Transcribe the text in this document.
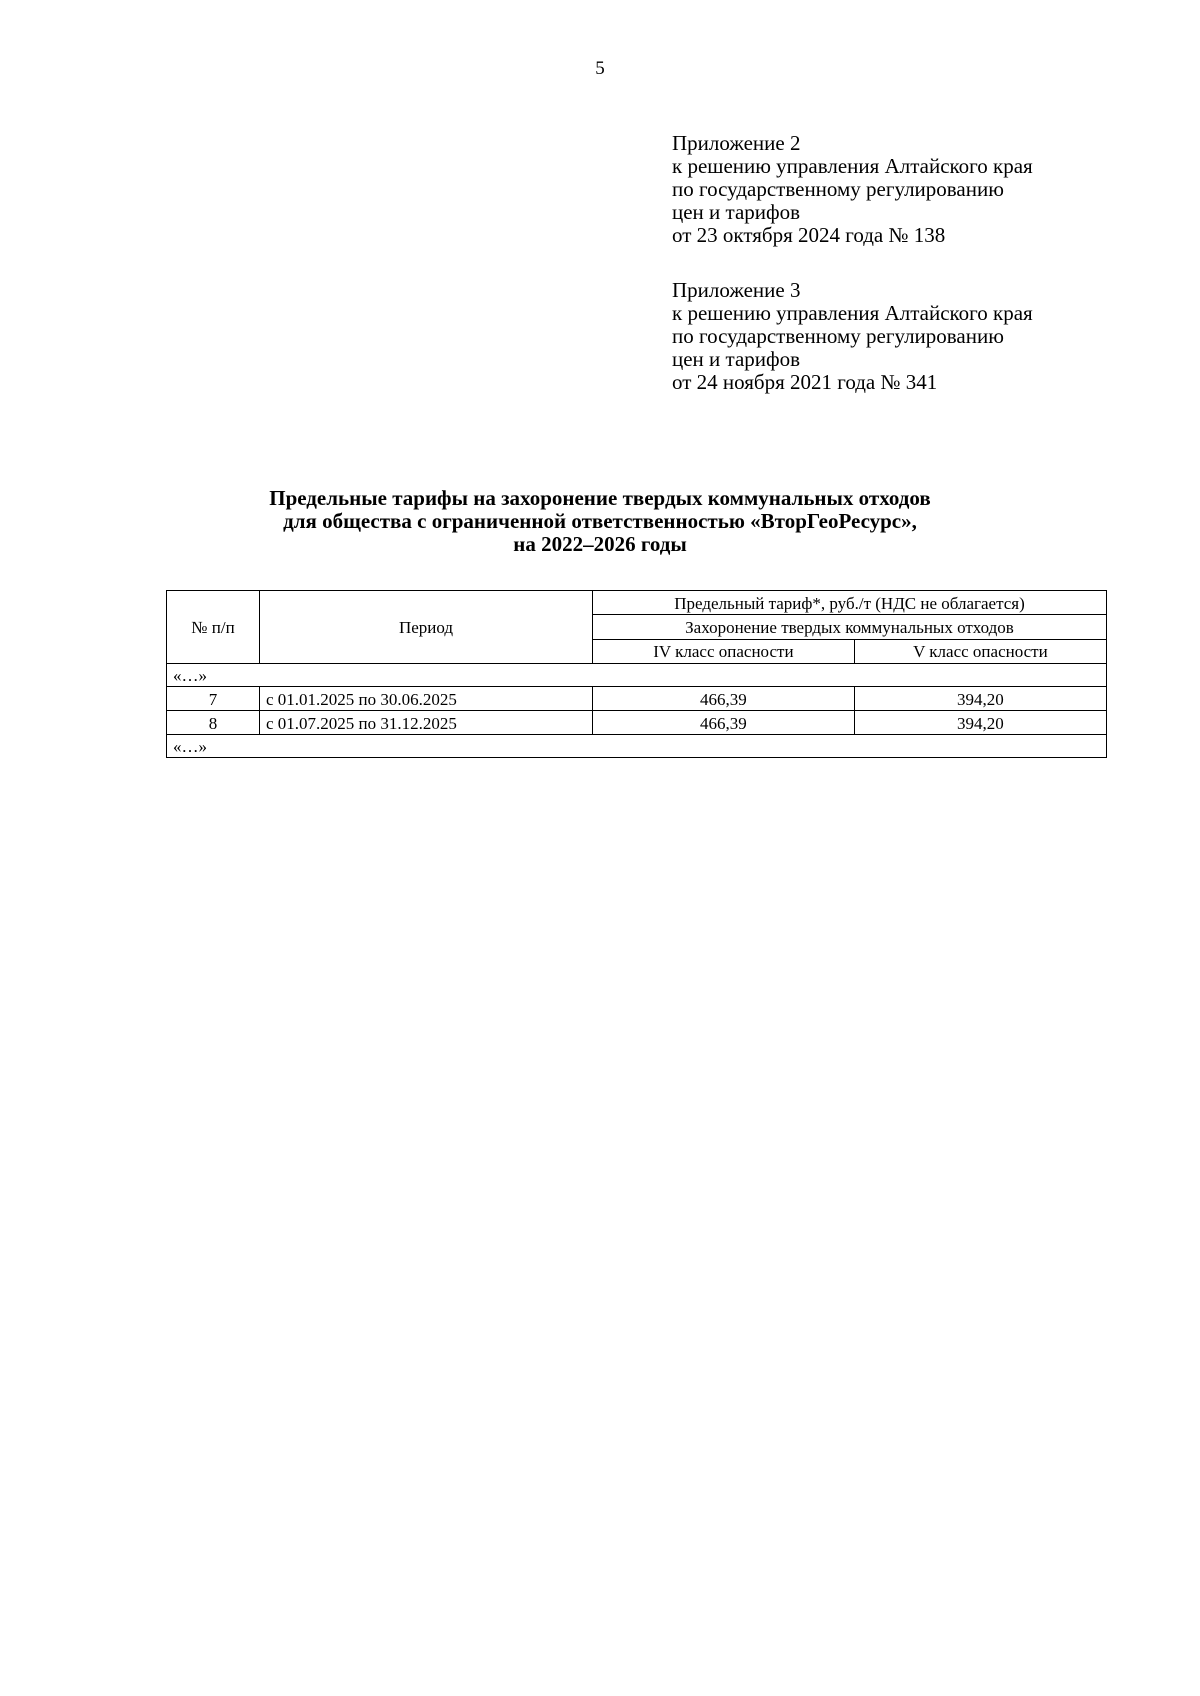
5
Приложение 2
к решению управления Алтайского края
по государственному регулированию
цен и тарифов
от 23 октября 2024 года № 138
Приложение 3
к решению управления Алтайского края
по государственному регулированию
цен и тарифов
от 24 ноября 2021 года № 341
Предельные тарифы на захоронение твердых коммунальных отходов
для общества с ограниченной ответственностью «ВторГеоРесурс»,
на 2022–2026 годы
№ п/п	Период	Предельный тариф*, руб./т (НДС не облагается)	
		Захоронение твердых коммунальных отходов	
		IV класс опасности	V класс опасности
«…»			
7	с 01.01.2025 по 30.06.2025	466,39	394,20
8	с 01.07.2025 по 31.12.2025	466,39	394,20
«…»			
